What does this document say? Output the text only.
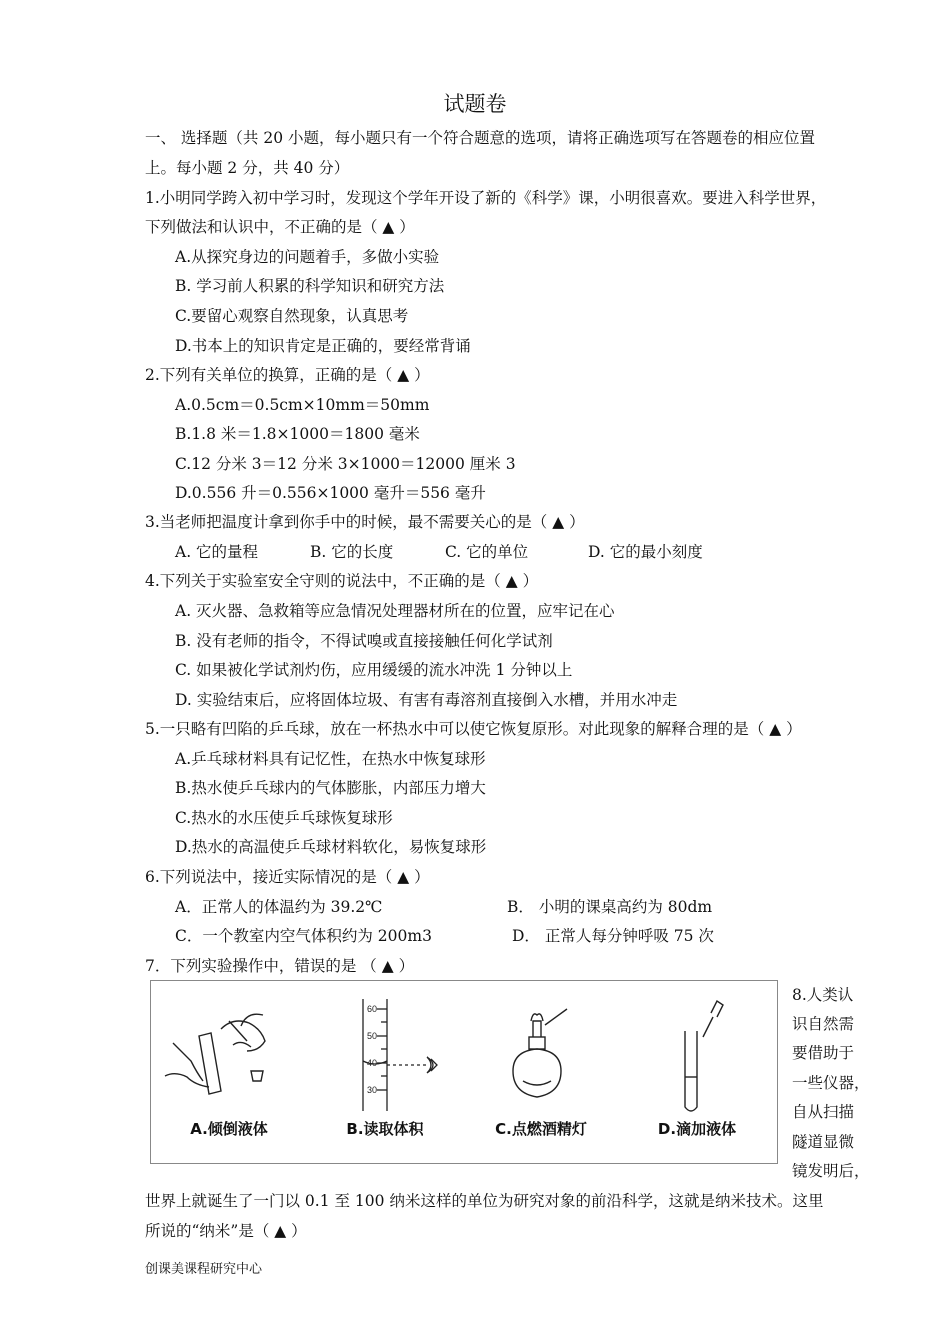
试题卷
一、 选择题（共 20 小题，每小题只有一个符合题意的选项，请将正确选项写在答题卷的相应位置
上。每小题 2 分，共 40 分）
1.小明同学跨入初中学习时，发现这个学年开设了新的《科学》课，小明很喜欢。要进入科学世界，
下列做法和认识中，不正确的是（ ▲ ）
A.从探究身边的问题着手，多做小实验
B. 学习前人积累的科学知识和研究方法
C.要留心观察自然现象，认真思考
D.书本上的知识肯定是正确的，要经常背诵
2.下列有关单位的换算，正确的是（ ▲ ）
A.0.5cm＝0.5cm×10mm＝50mm
B.1.8 米＝1.8×1000＝1800 毫米
C.12 分米 3＝12 分米 3×1000＝12000 厘米 3
D.0.556 升＝0.556×1000 毫升＝556 毫升
3.当老师把温度计拿到你手中的时候，最不需要关心的是（ ▲ ）
A. 它的量程	B. 它的长度	C. 它的单位	D. 它的最小刻度
4.下列关于实验室安全守则的说法中，不正确的是（ ▲ ）
A. 灭火器、急救箱等应急情况处理器材所在的位置，应牢记在心
B. 没有老师的指令，不得试嗅或直接接触任何化学试剂
C. 如果被化学试剂灼伤，应用缓缓的流水冲洗 1 分钟以上
D. 实验结束后，应将固体垃圾、有害有毒溶剂直接倒入水槽，并用水冲走
5.一只略有凹陷的乒乓球，放在一杯热水中可以使它恢复原形。对此现象的解释合理的是（ ▲ ）
A.乒乓球材料具有记忆性，在热水中恢复球形
B.热水使乒乓球内的气体膨胀，内部压力增大
C.热水的水压使乒乓球恢复球形
D.热水的高温使乒乓球材料软化，易恢复球形
6.下列说法中，接近实际情况的是（ ▲ ）
A．正常人的体温约为 39.2℃	B． 小明的课桌高约为 80dm
C．一个教室内空气体积约为 200m3	D． 正常人每分钟呼吸 75 次
7．下列实验操作中，错误的是 （ ▲ ）
A.倾倒液体
60
50
40
30
B.读取体积	C.点燃酒精灯	D.滴加液体
8.人类认
识自然需
要借助于
一些仪器，
自从扫描
隧道显微
镜发明后，
世界上就诞生了一门以 0.1 至 100 纳米这样的单位为研究对象的前沿科学，这就是纳米技术。这里
所说的“纳米”是（ ▲ ）
创课美课程研究中心
